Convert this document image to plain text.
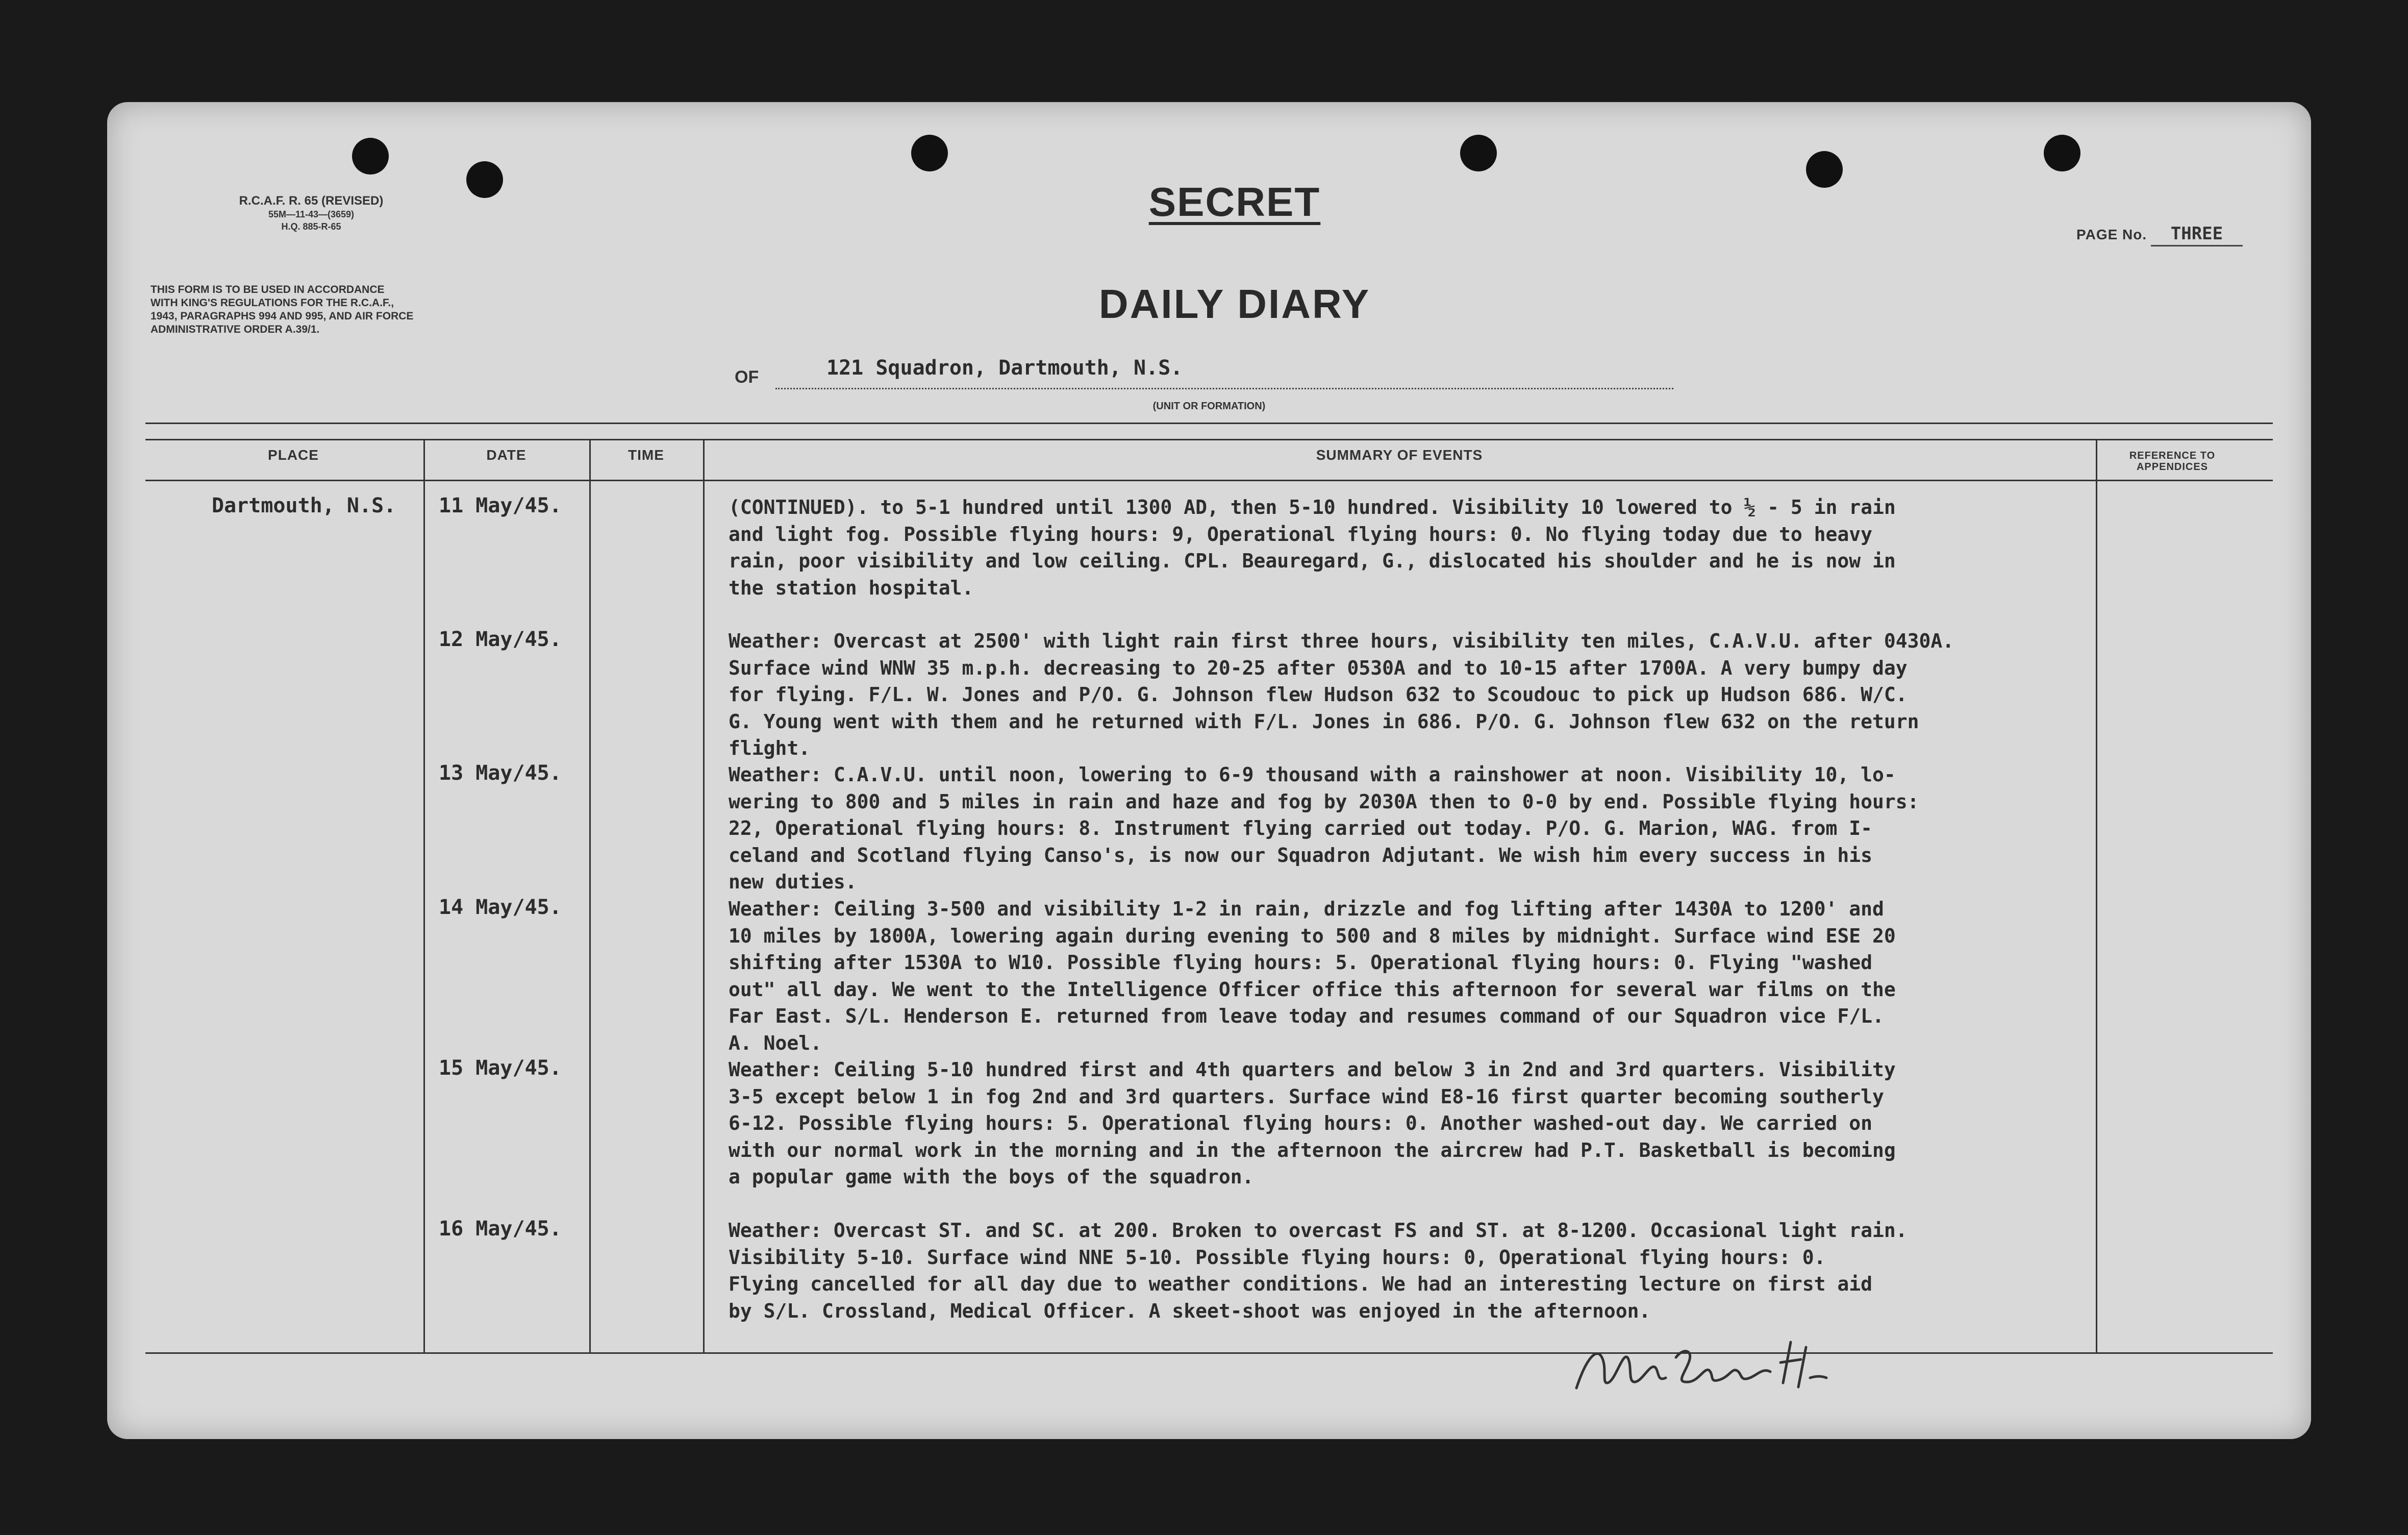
R.C.A.F. R. 65 (REVISED)
55M—11-43—(3659)
H.Q. 885-R-65
SECRET
PAGE No. THREE
THIS FORM IS TO BE USED IN ACCORDANCE
WITH KING'S REGULATIONS FOR THE R.C.A.F.,
1943, PARAGRAPHS 994 AND 995, AND AIR FORCE
ADMINISTRATIVE ORDER A.39/1.
DAILY DIARY
OF	121 Squadron, Dartmouth, N.S.
(UNIT OR FORMATION)
PLACE	DATE	TIME	SUMMARY OF EVENTS	REFERENCE TO
APPENDICES
Dartmouth, N.S. 11 May/45.	(CONTINUED). to 5-1 hundred until 1300 AD, then 5-10 hundred. Visibility 10 lowered to ½ - 5 in rain
and light fog. Possible flying hours: 9, Operational flying hours: 0. No flying today due to heavy
rain, poor visibility and low ceiling. CPL. Beauregard, G., dislocated his shoulder and he is now in
the station hospital.
12 May/45.	Weather: Overcast at 2500' with light rain first three hours, visibility ten miles, C.A.V.U. after 0430A.
Surface wind WNW 35 m.p.h. decreasing to 20-25 after 0530A and to 10-15 after 1700A. A very bumpy day
for flying. F/L. W. Jones and P/O. G. Johnson flew Hudson 632 to Scoudouc to pick up Hudson 686. W/C.
G. Young went with them and he returned with F/L. Jones in 686. P/O. G. Johnson flew 632 on the return
flight.
13 May/45.	Weather: C.A.V.U. until noon, lowering to 6-9 thousand with a rainshower at noon. Visibility 10, lo-
wering to 800 and 5 miles in rain and haze and fog by 2030A then to 0-0 by end. Possible flying hours:
22, Operational flying hours: 8. Instrument flying carried out today. P/O. G. Marion, WAG. from I-
celand and Scotland flying Canso's, is now our Squadron Adjutant. We wish him every success in his
new duties.
14 May/45.	Weather: Ceiling 3-500 and visibility 1-2 in rain, drizzle and fog lifting after 1430A to 1200' and
10 miles by 1800A, lowering again during evening to 500 and 8 miles by midnight. Surface wind ESE 20
shifting after 1530A to W10. Possible flying hours: 5. Operational flying hours: 0. Flying "washed
out" all day. We went to the Intelligence Officer office this afternoon for several war films on the
Far East. S/L. Henderson E. returned from leave today and resumes command of our Squadron vice F/L.
A. Noel.
15 May/45.	Weather: Ceiling 5-10 hundred first and 4th quarters and below 3 in 2nd and 3rd quarters. Visibility
3-5 except below 1 in fog 2nd and 3rd quarters. Surface wind E8-16 first quarter becoming southerly
6-12. Possible flying hours: 5. Operational flying hours: 0. Another washed-out day. We carried on
with our normal work in the morning and in the afternoon the aircrew had P.T. Basketball is becoming
a popular game with the boys of the squadron.
16 May/45.	Weather: Overcast ST. and SC. at 200. Broken to overcast FS and ST. at 8-1200. Occasional light rain.
Visibility 5-10. Surface wind NNE 5-10. Possible flying hours: 0, Operational flying hours: 0.
Flying cancelled for all day due to weather conditions. We had an interesting lecture on first aid
by S/L. Crossland, Medical Officer. A skeet-shoot was enjoyed in the afternoon.
